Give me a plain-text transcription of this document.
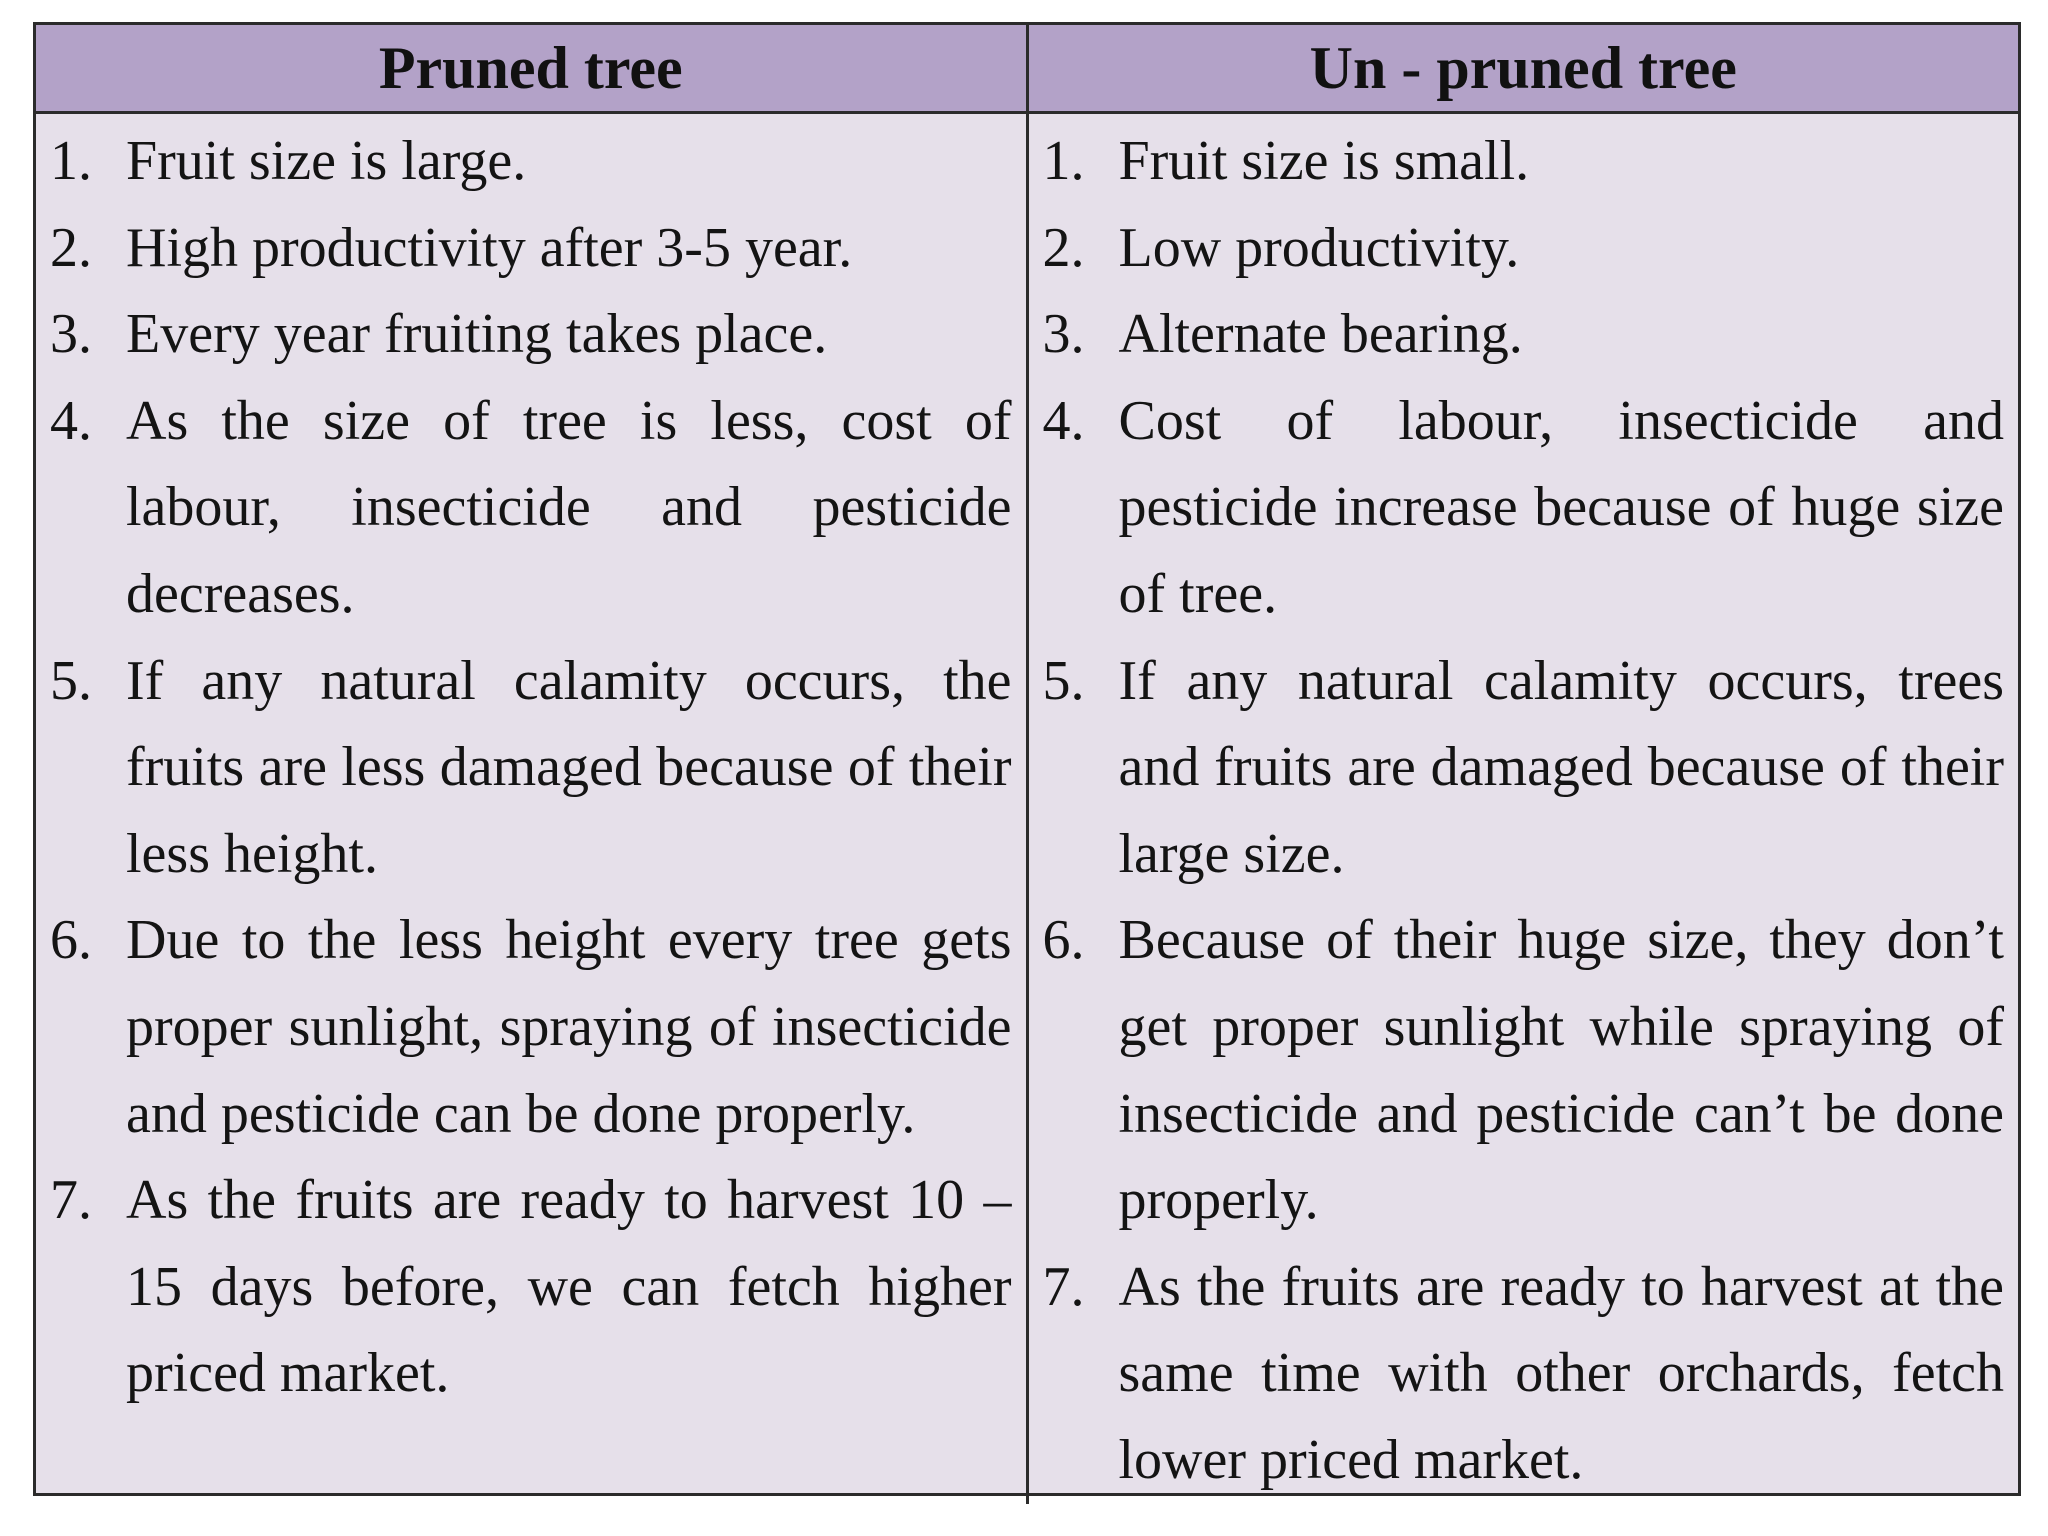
Pruned tree	Un - pruned tree
1. Fruit size is large.
2. High productivity after 3-5 year.
3. Every year fruiting takes place.
4. As the size of tree is less, cost of labour, insecticide and pesticide decreases.
5. If any natural calamity occurs, the fruits are less damaged because of their less height.
6. Due to the less height every tree gets proper sunlight, spraying of insecticide and pesticide can be done properly.
7. As the fruits are ready to harvest 10 – 15 days before, we can fetch higher priced market.
1. Fruit size is small.
2. Low productivity.
3. Alternate bearing.
4. Cost of labour, insecticide and pesticide increase because of huge size of tree.
5. If any natural calamity occurs, trees and fruits are damaged because of their large size.
6. Because of their huge size, they don’t get proper sunlight while spraying of insecticide and pesticide can’t be done properly.
7. As the fruits are ready to harvest at the same time with other orchards, fetch lower priced market.
